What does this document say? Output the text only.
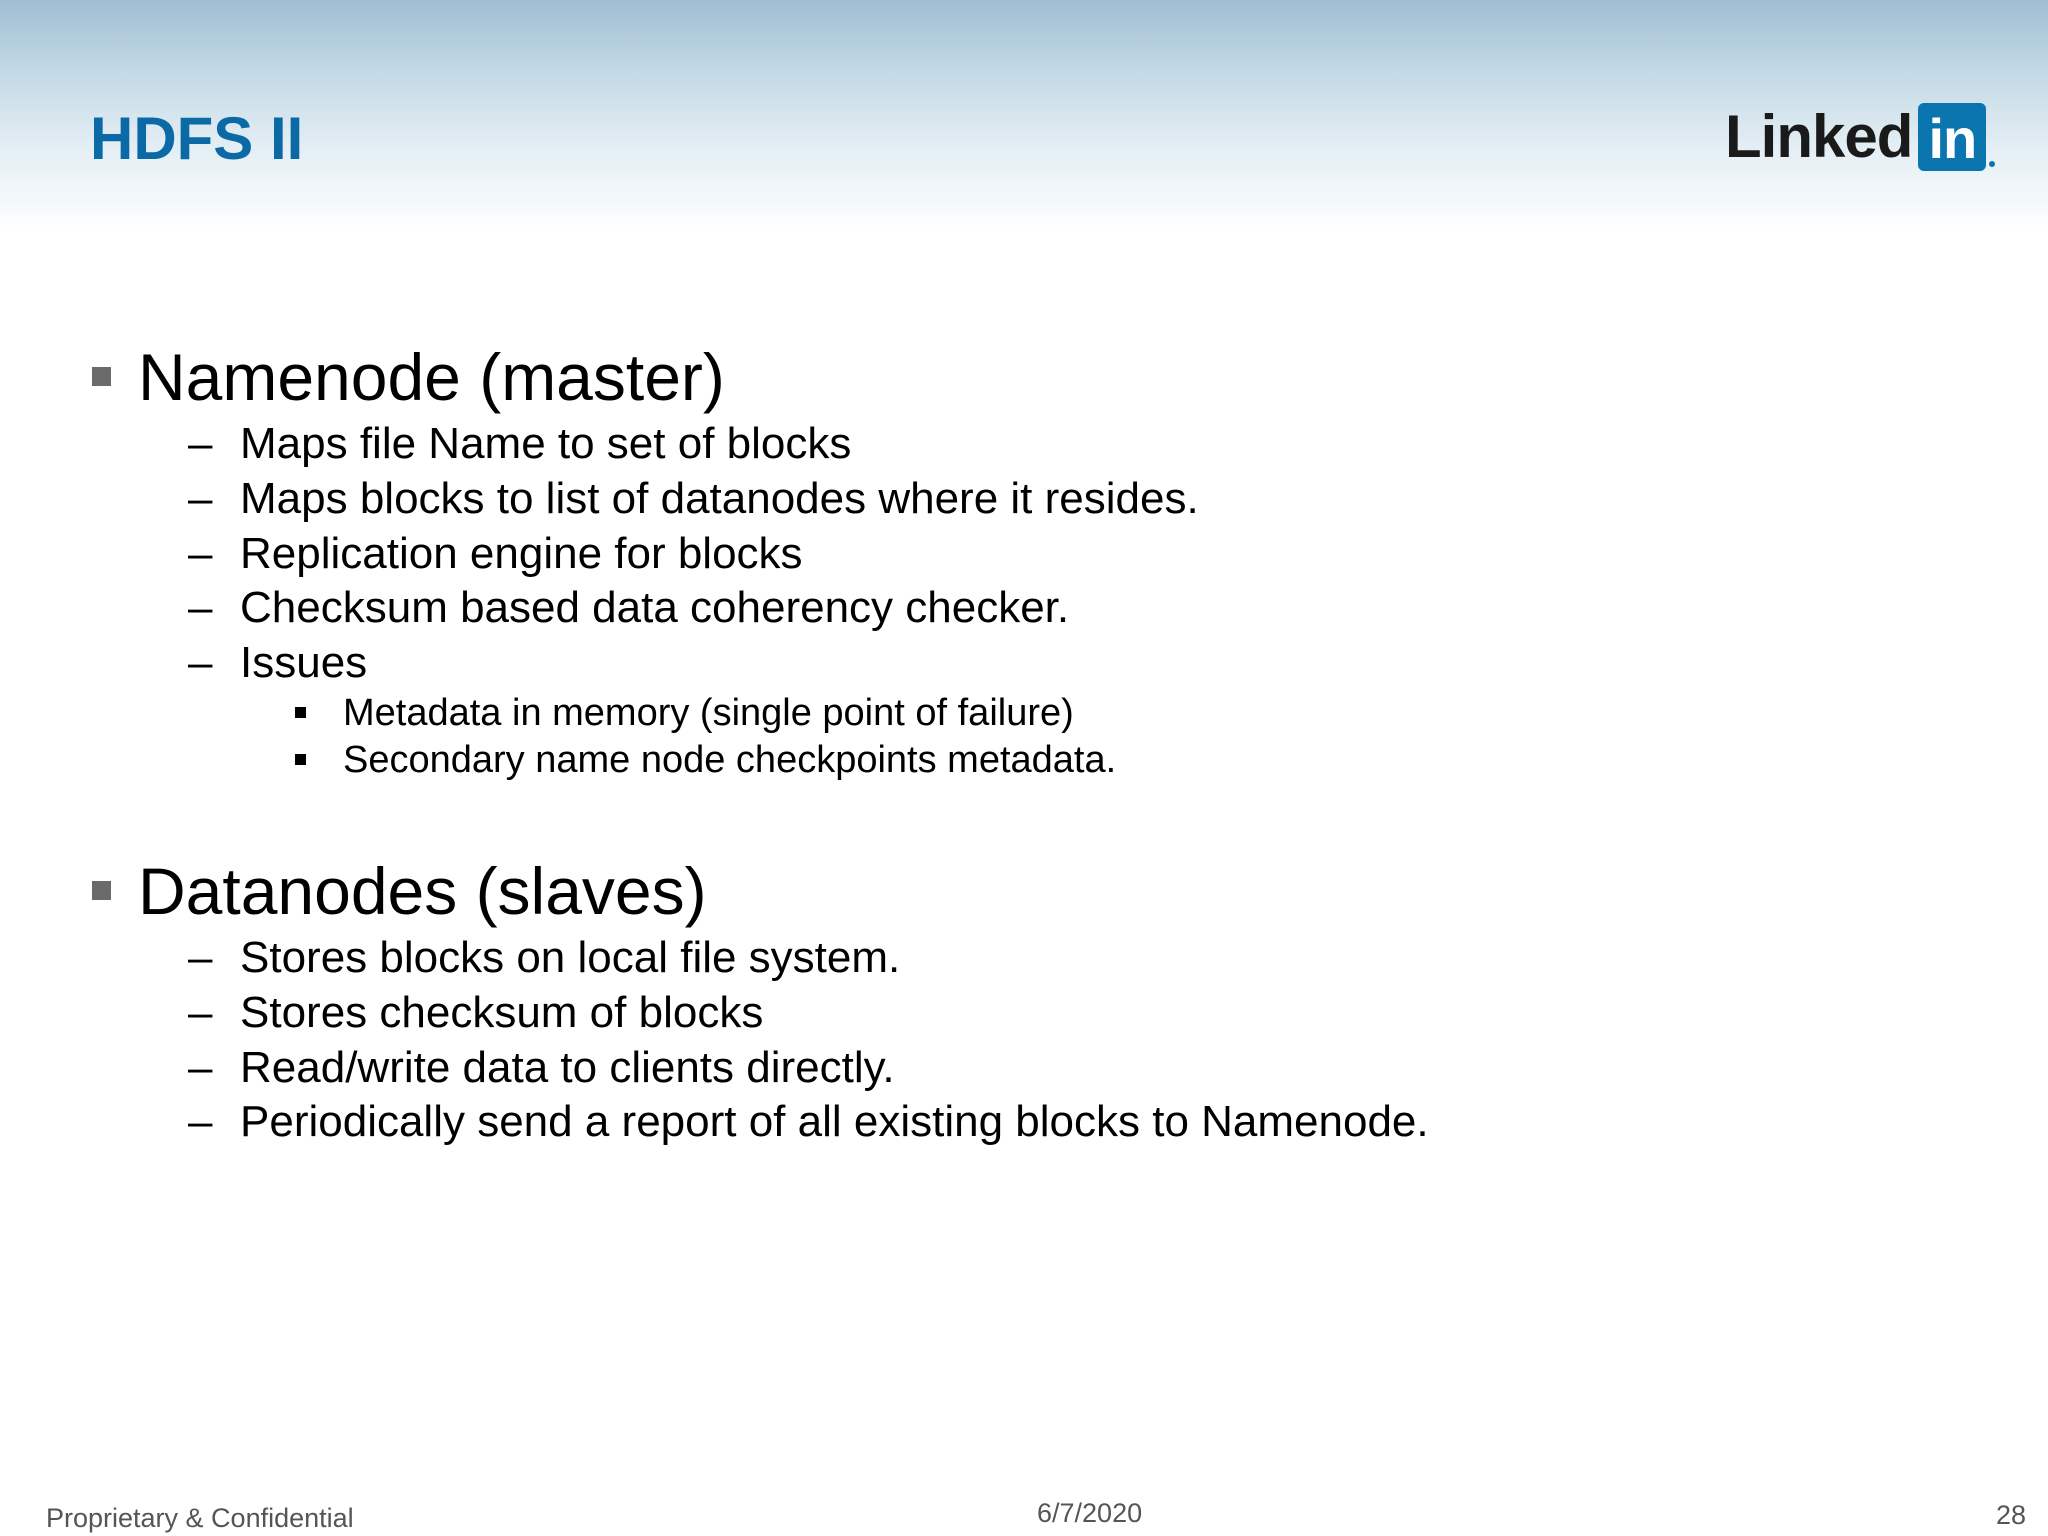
HDFS II	Linked in
Namenode (master)
– Maps file Name to set of blocks
– Maps blocks to list of datanodes where it resides.
– Replication engine for blocks
– Checksum based data coherency checker.
– Issues
Metadata in memory (single point of failure)
Secondary name node checkpoints metadata.
Datanodes (slaves)
– Stores blocks on local file system.
– Stores checksum of blocks
– Read/write data to clients directly.
– Periodically send a report of all existing blocks to Namenode.
Proprietary & Confidential	6/7/2020	28
